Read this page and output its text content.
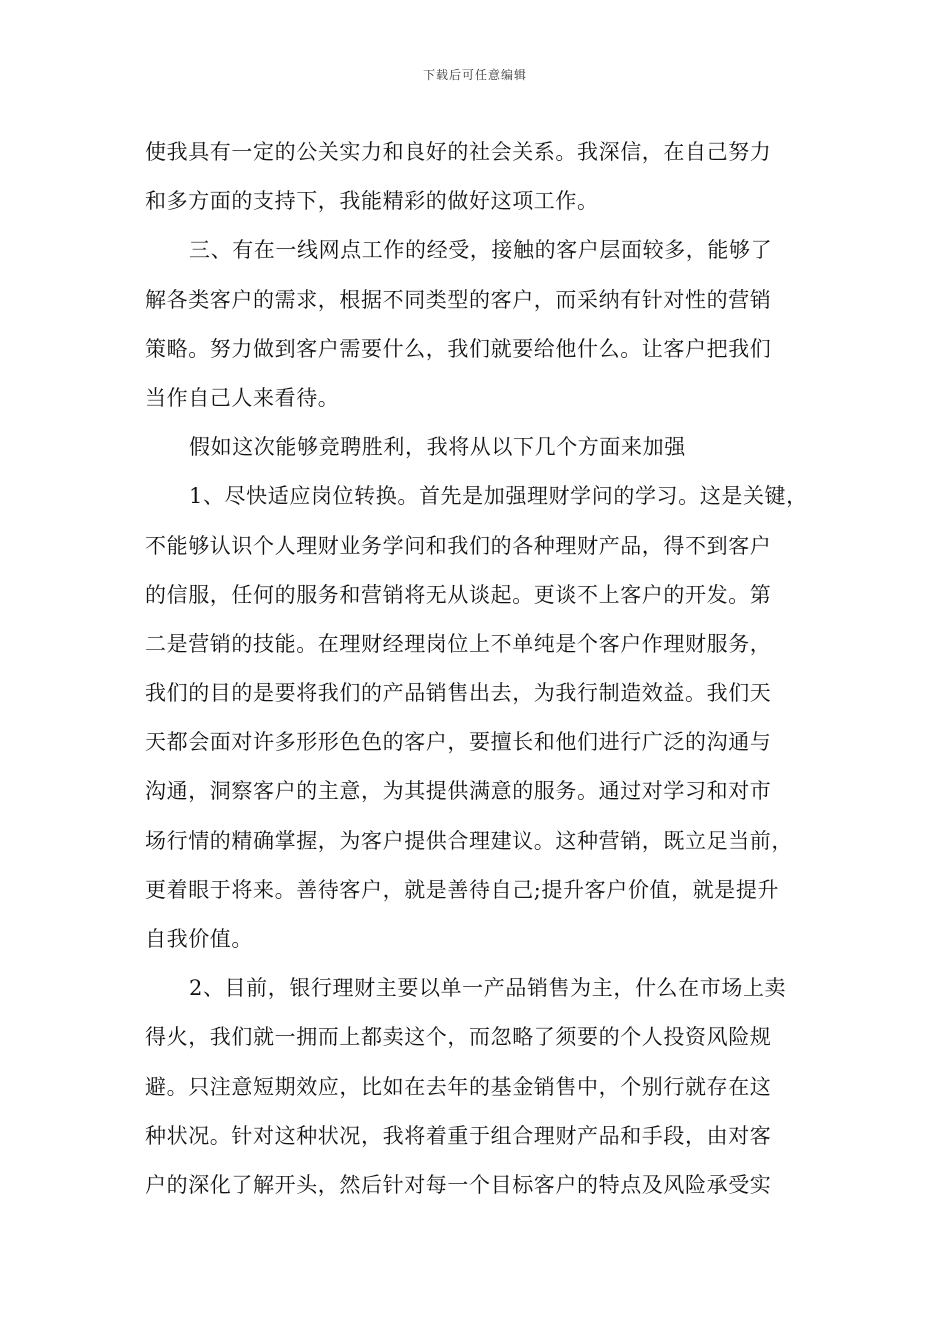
下载后可任意编辑
使我具有一定的公关实力和良好的社会关系。我深信，在自己努力
和多方面的支持下，我能精彩的做好这项工作。
三、有在一线网点工作的经受，接触的客户层面较多，能够了
解各类客户的需求，根据不同类型的客户，而采纳有针对性的营销
策略。努力做到客户需要什么，我们就要给他什么。让客户把我们
当作自己人来看待。
假如这次能够竞聘胜利，我将从以下几个方面来加强
1、尽快适应岗位转换。首先是加强理财学问的学习。这是关键，
不能够认识个人理财业务学问和我们的各种理财产品，得不到客户
的信服，任何的服务和营销将无从谈起。更谈不上客户的开发。第
二是营销的技能。在理财经理岗位上不单纯是个客户作理财服务，
我们的目的是要将我们的产品销售出去，为我行制造效益。我们天
天都会面对许多形形色色的客户，要擅长和他们进行广泛的沟通与
沟通，洞察客户的主意，为其提供满意的服务。通过对学习和对市
场行情的精确掌握，为客户提供合理建议。这种营销，既立足当前，
更着眼于将来。善待客户，就是善待自己;提升客户价值，就是提升
自我价值。
2、目前，银行理财主要以单一产品销售为主，什么在市场上卖
得火，我们就一拥而上都卖这个，而忽略了须要的个人投资风险规
避。只注意短期效应，比如在去年的基金销售中，个别行就存在这
种状况。针对这种状况，我将着重于组合理财产品和手段，由对客
户的深化了解开头，然后针对每一个目标客户的特点及风险承受实
